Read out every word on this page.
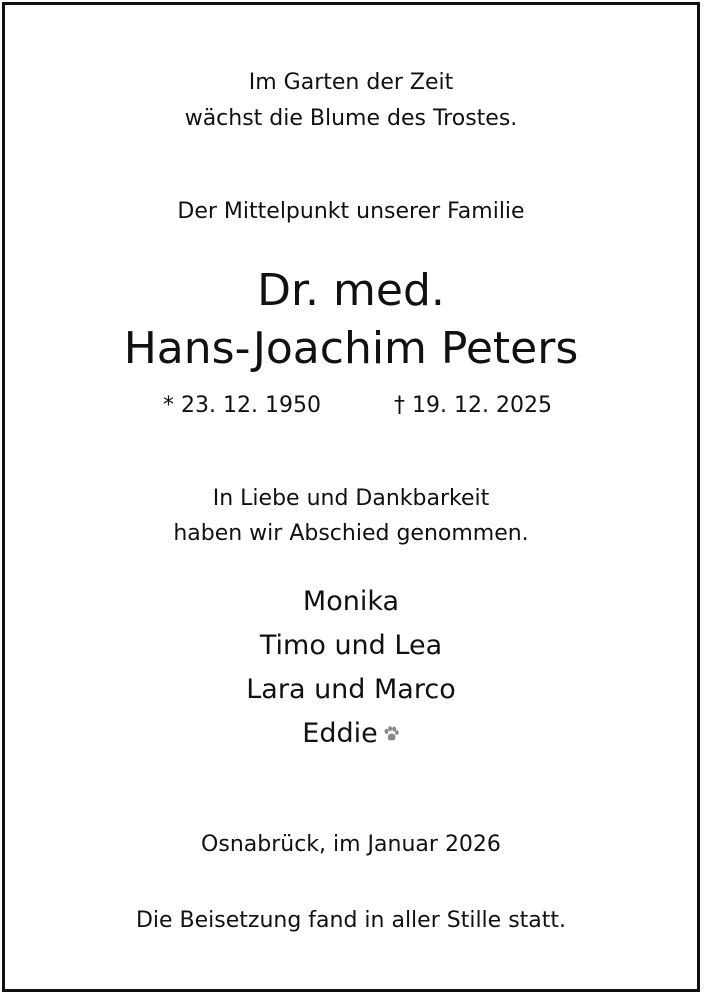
Im Garten der Zeit
wächst die Blume des Trostes.
Der Mittelpunkt unserer Familie
Dr. med.
Hans-Joachim Peters
* 23. 12. 1950	† 19. 12. 2025
In Liebe und Dankbarkeit
haben wir Abschied genommen.
Monika
Timo und Lea
Lara und Marco
Eddie
Osnabrück, im Januar 2026
Die Beisetzung fand in aller Stille statt.
